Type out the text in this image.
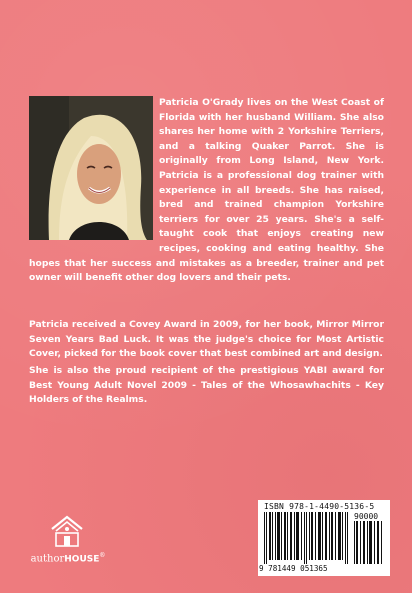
Patricia O'Grady lives on the West Coast of Florida with her husband William. She also shares her home with 2 Yorkshire Terriers, and a talking Quaker Parrot. She is originally from Long Island, New York. Patricia is a professional dog trainer with experience in all breeds. She has raised, bred and trained champion Yorkshire terriers for over 25 years. She's a self-taught cook that enjoys creating new recipes, cooking and eating healthy. She hopes that her success and mistakes as a breeder, trainer and pet owner will benefit other dog lovers and their pets.

Patricia received a Covey Award in 2009, for her book, Mirror Mirror Seven Years Bad Luck. It was the judge's choice for Most Artistic Cover, picked for the book cover that best combined art and design.

She is also the proud recipient of the prestigious YABI award for Best Young Adult Novel 2009 - Tales of the Whosawhachits - Key Holders of the Realms.

authorHOUSE®
ISBN 978-1-4490-5136-5
90000
9 781449 051365
